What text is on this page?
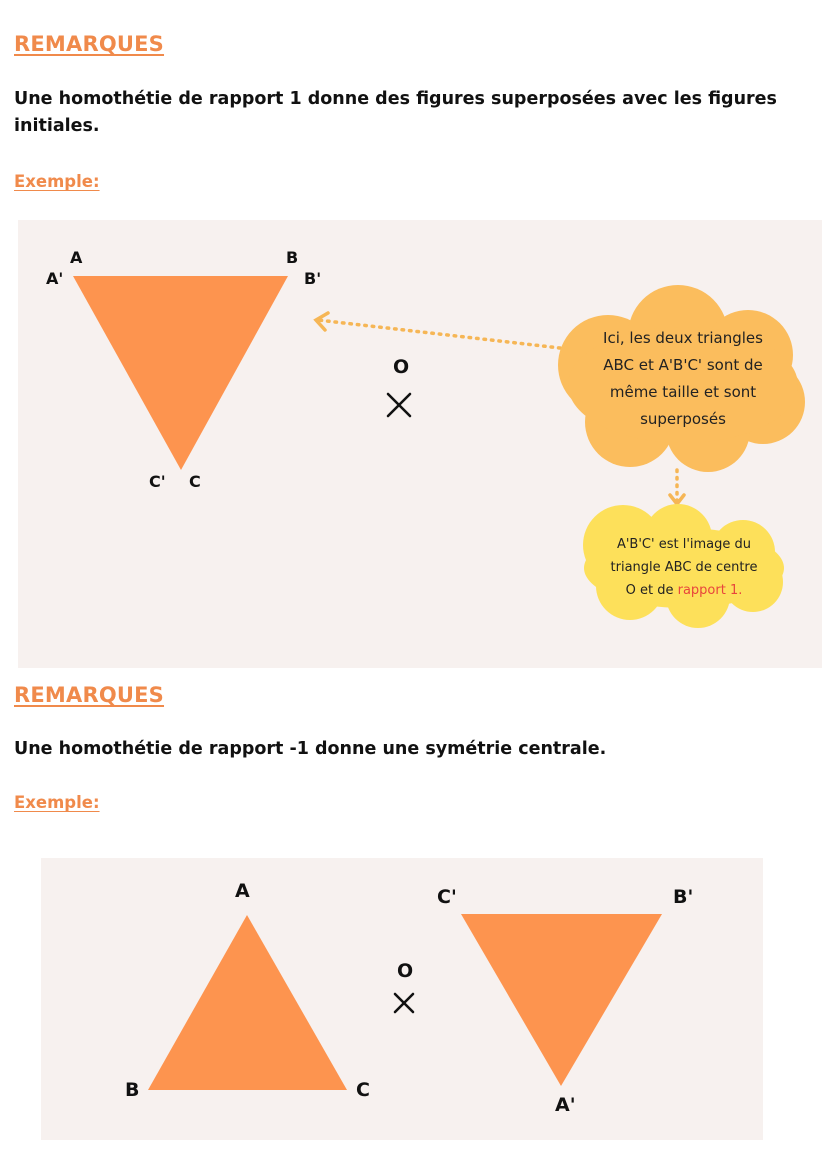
REMARQUES
Une homothétie de rapport 1 donne des figures superposées avec les figures initiales.
Exemple:
A
A'
B
B'
C' C
O
Ici, les deux triangles
ABC et A'B'C' sont de
même taille et sont
superposés
A'B'C' est l'image du
triangle ABC de centre
O et de rapport 1.
REMARQUES
Une homothétie de rapport -1 donne une symétrie centrale.
Exemple:
A
B	C
O
C'	B'
A'
